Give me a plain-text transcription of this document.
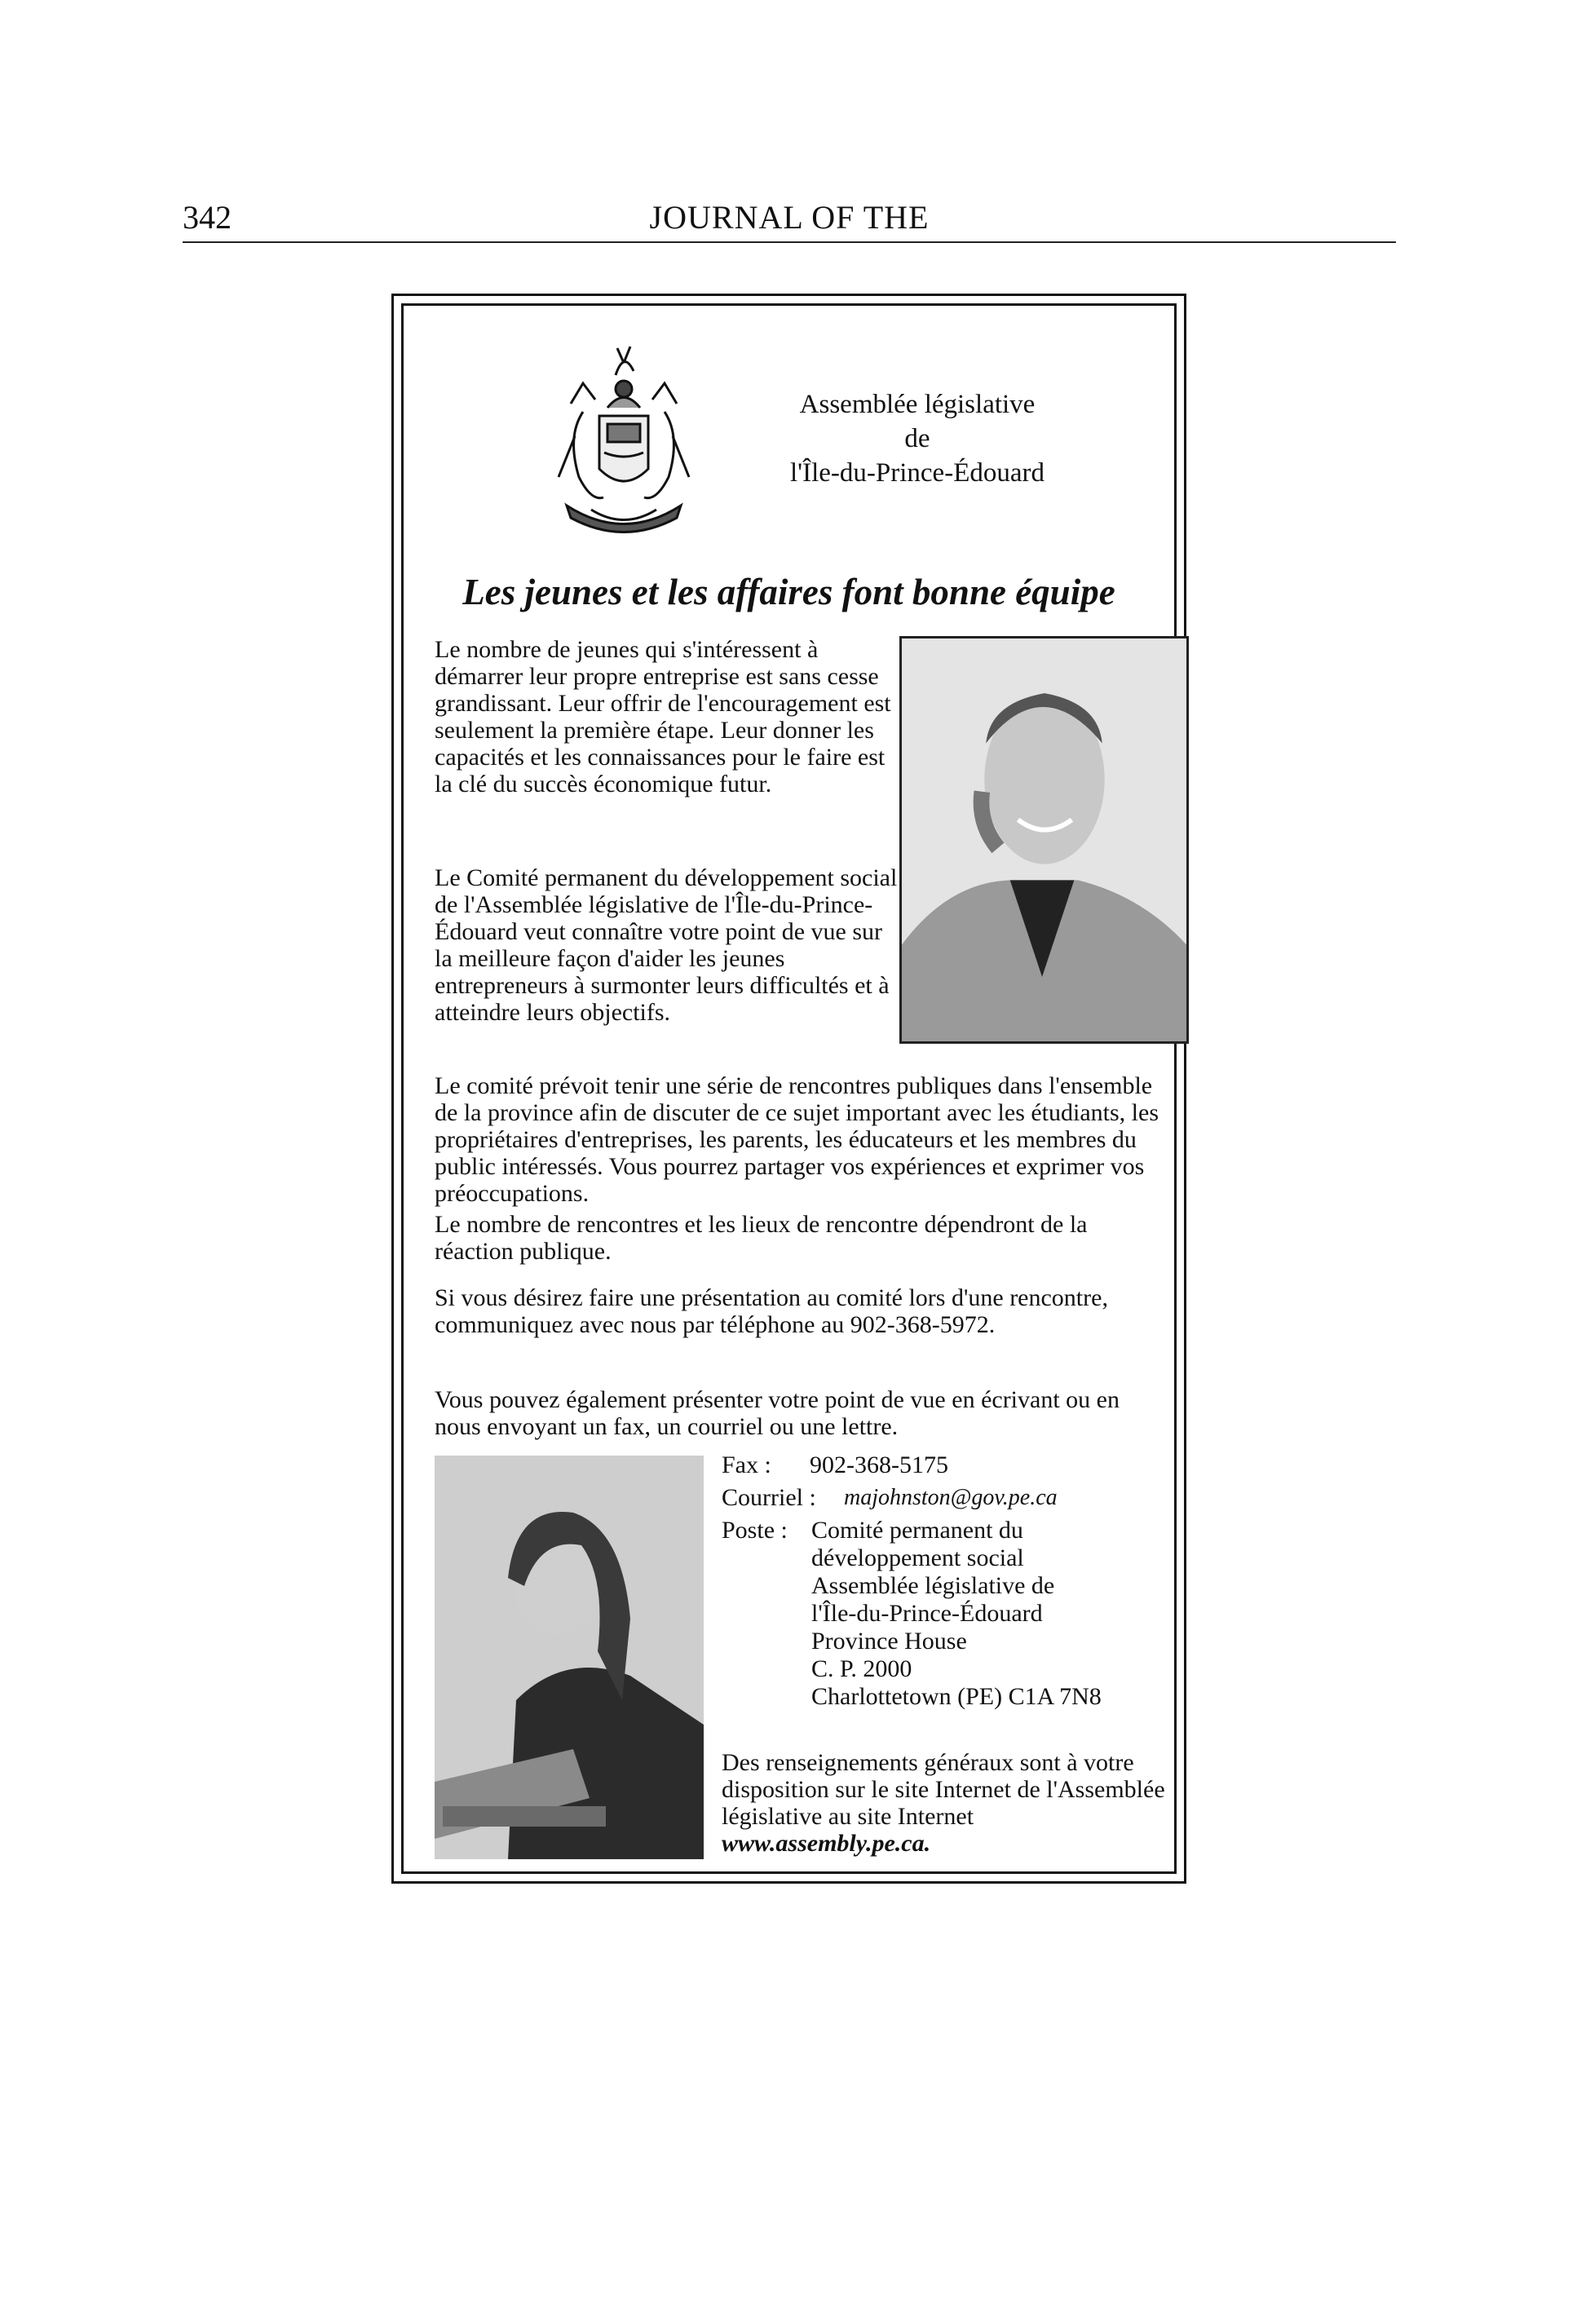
342	JOURNAL OF THE
Assemblée législative
de
l'Île-du-Prince-Édouard
Les jeunes et les affaires font bonne équipe

Le nombre de jeunes qui s'intéressent à démarrer leur propre entreprise est sans cesse grandissant. Leur offrir de l'encouragement est seulement la première étape. Leur donner les capacités et les connaissances pour le faire est la clé du succès économique futur.

Le Comité permanent du développement social de l'Assemblée législative de l'Île-du-Prince-Édouard veut connaître votre point de vue sur la meilleure façon d'aider les jeunes entrepreneurs à surmonter leurs difficultés et à atteindre leurs objectifs.

Le comité prévoit tenir une série de rencontres publiques dans l'ensemble de la province afin de discuter de ce sujet important avec les étudiants, les propriétaires d'entreprises, les parents, les éducateurs et les membres du public intéressés. Vous pourrez partager vos expériences et exprimer vos préoccupations.

Le nombre de rencontres et les lieux de rencontre dépendront de la réaction publique.

Si vous désirez faire une présentation au comité lors d'une rencontre, communiquez avec nous par téléphone au 902-368-5972.

Vous pouvez également présenter votre point de vue en écrivant ou en nous envoyant un fax, un courriel ou une lettre.

Fax : 902-368-5175
Courriel : majohnston@gov.pe.ca
Poste : Comité permanent du
développement social
Assemblée législative de
l'Île-du-Prince-Édouard
Province House
C. P. 2000
Charlottetown (PE) C1A 7N8
Des renseignements généraux sont à votre disposition sur le site Internet de l'Assemblée législative au site Internet www.assembly.pe.ca.
